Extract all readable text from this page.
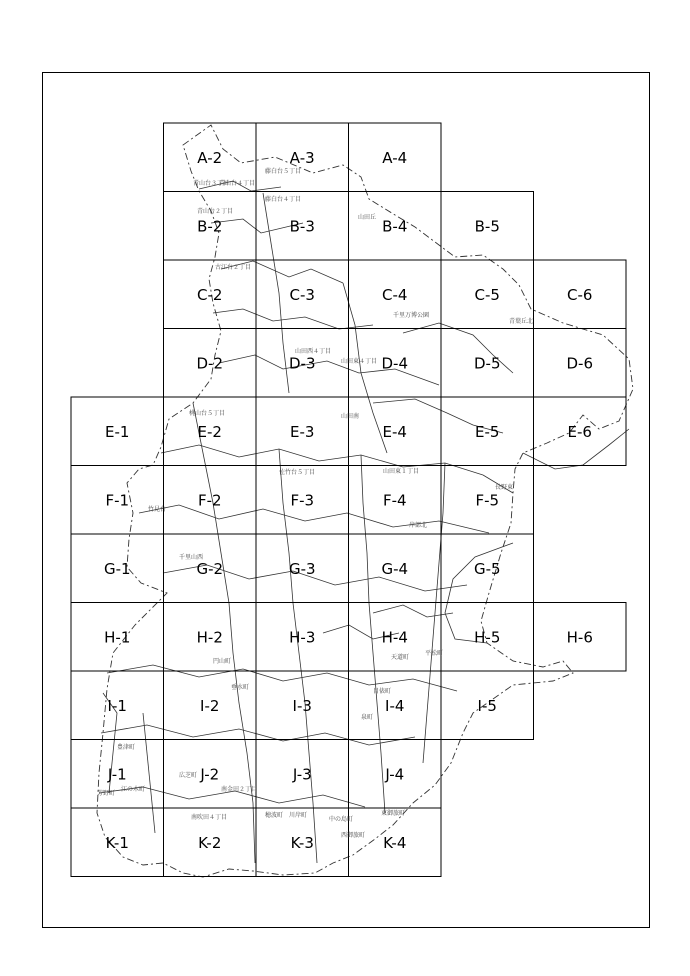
A-2	A-3	A-4
B-2	B-3	B-4	B-5
C-2	C-3	C-4	C-5	C-6
D-2	D-3	D-4	D-5	D-6
E-1	E-2	E-3	E-4	E-5	E-6
F-1	F-2	F-3	F-4	F-5
G-1	G-2	G-3	G-4	G-5
H-1	H-2	H-3	H-4	H-5	H-6
I-1	I-2	I-3	I-4	I-5
J-1	J-2	J-3	J-4
K-1	K-2	K-3	K-4
青山台３丁目
青山台４丁目
藤白台５丁目
青山台２丁目
藤白台４丁目
山田丘
古江台２丁目
千里万博公園
青葉丘北
山田西４丁目
山田東４丁目
桃山台５丁目	山田南
佐竹台５丁目	山田東１丁目
竹見台
長野東
千里山西
岸部北
円山町
天道町
垂水町
目俵町
泉町
豊津町
江の木町
芳野町
広芝町
南金田２丁目
穂波町 川岸町
中の島町
西御旅町
東御旅町
南吹田４丁目
平松町
